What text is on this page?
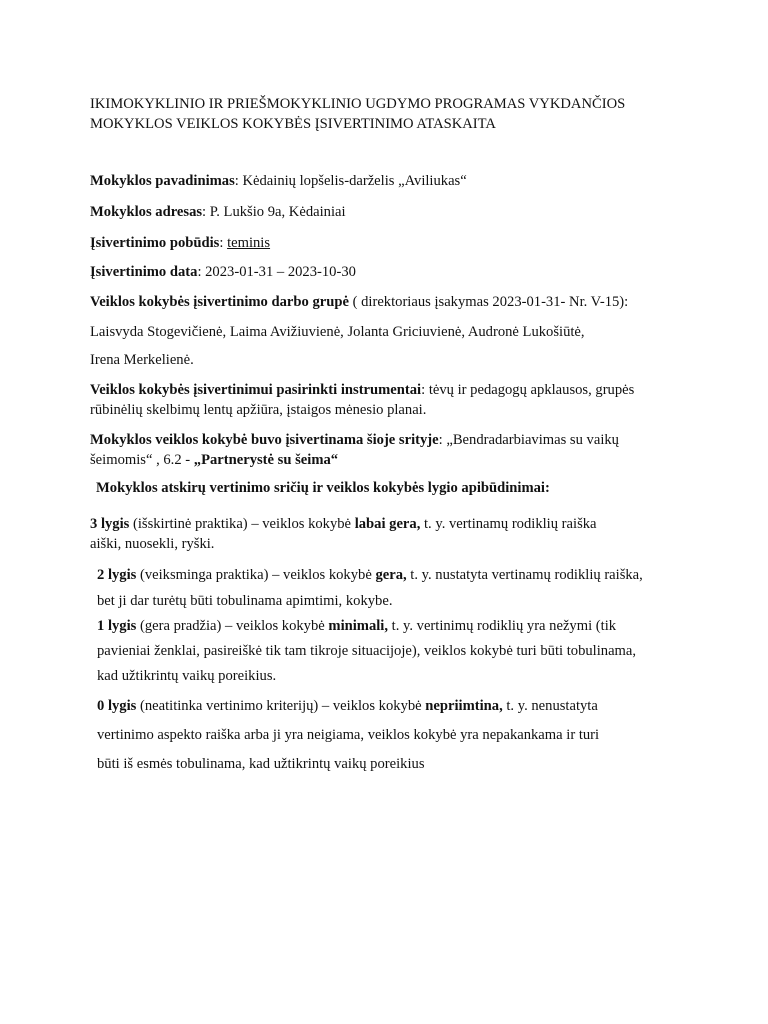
IKIMOKYKLINIO IR PRIEŠMOKYKLINIO UGDYMO PROGRAMAS VYKDANČIOS
MOKYKLOS VEIKLOS KOKYBĖS ĮSIVERTINIMO ATASKAITA
Mokyklos pavadinimas: Kėdainių lopšelis-darželis „Aviliukas“
Mokyklos adresas: P. Lukšio 9a, Kėdainiai
Įsivertinimo pobūdis: teminis
Įsivertinimo data: 2023-01-31 – 2023-10-30
Veiklos kokybės įsivertinimo darbo grupė ( direktoriaus įsakymas 2023-01-31- Nr. V-15):
Laisvyda Stogevičienė, Laima Avižiuvienė, Jolanta Griciuvienė, Audronė Lukošiūtė,
Irena Merkelienė.
Veiklos kokybės įsivertinimui pasirinkti instrumentai: tėvų ir pedagogų apklausos, grupės
rūbinėlių skelbimų lentų apžiūra, įstaigos mėnesio planai.
Mokyklos veiklos kokybė buvo įsivertinama šioje srityje: „Bendradarbiavimas su vaikų
šeimomis“ , 6.2 - „Partnerystė su šeima“
Mokyklos atskirų vertinimo sričių ir veiklos kokybės lygio apibūdinimai:
3 lygis (išskirtinė praktika) – veiklos kokybė labai gera, t. y. vertinamų rodiklių raiška
aiški, nuosekli, ryški.
2 lygis (veiksminga praktika) – veiklos kokybė gera, t. y. nustatyta vertinamų rodiklių raiška,
bet ji dar turėtų būti tobulinama apimtimi, kokybe.
1 lygis (gera pradžia) – veiklos kokybė minimali, t. y. vertinimų rodiklių yra nežymi (tik
pavieniai ženklai, pasireiškė tik tam tikroje situacijoje), veiklos kokybė turi būti tobulinama,
kad užtikrintų vaikų poreikius.
0 lygis (neatitinka vertinimo kriterijų) – veiklos kokybė nepriimtina, t. y. nenustatyta
vertinimo aspekto raiška arba ji yra neigiama, veiklos kokybė yra nepakankama ir turi
būti iš esmės tobulinama, kad užtikrintų vaikų poreikius
